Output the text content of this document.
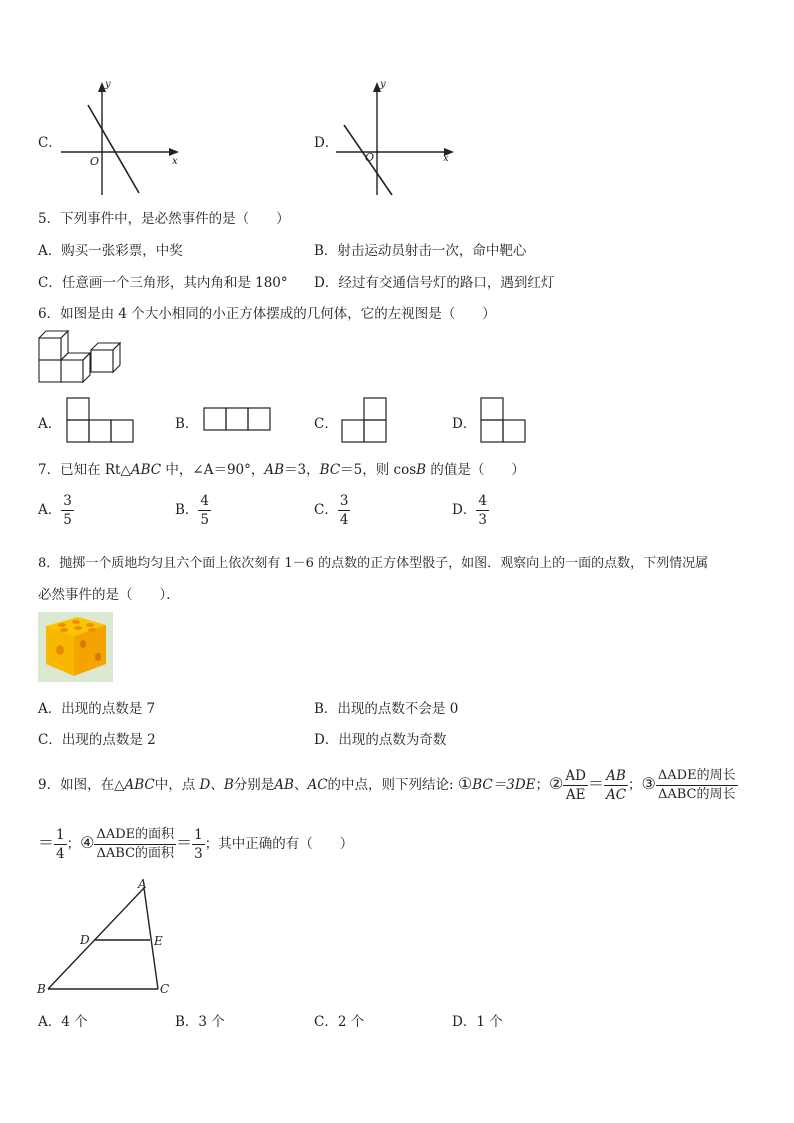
C．
x
y
O
D．
x
y
O
5．下列事件中，是必然事件的是（　　）
A．购买一张彩票，中奖	B．射击运动员射击一次，命中靶心
C．任意画一个三角形，其内角和是 180° D．经过有交通信号灯的路口，遇到红灯
6．如图是由 4 个大小相同的小正方体摆成的几何体，它的左视图是（　　）
A．	B．	C．	D．
7．已知在 Rt△ABC 中，∠A＝90°，AB＝3，BC＝5，则 cosB 的值是（　　）
A． $\frac{3}{5}$	B． $\frac{4}{5}$	C． $\frac{3}{4}$	D． $\frac{4}{3}$
8．抛掷一个质地均匀且六个面上依次刻有 1－6 的点数的正方体型骰子，如图．观察向上的一面的点数，下列情况属
必然事件的是（　　）．
A．出现的点数是 7	B．出现的点数不会是 0
C．出现的点数是 2	D．出现的点数为奇数
9．如图，在△ABC中，点 D、B分别是AB、AC的中点，则下列结论: ①BC＝3DE；② $\frac{AD}{AE} = \frac{AB}{AC}$ ；③ $\frac{\text{ΔADE的周长}}{\text{ΔABC的周长}}$
＝ $\frac{1}{4}$ ；④ $\frac{\text{ΔADE的面积}}{\text{ΔABC的面积}} = \frac{1}{3}$ ；其中正确的有（　　）
A
D	E
B	C
A．4 个	B．3 个	C．2 个	D．1 个
